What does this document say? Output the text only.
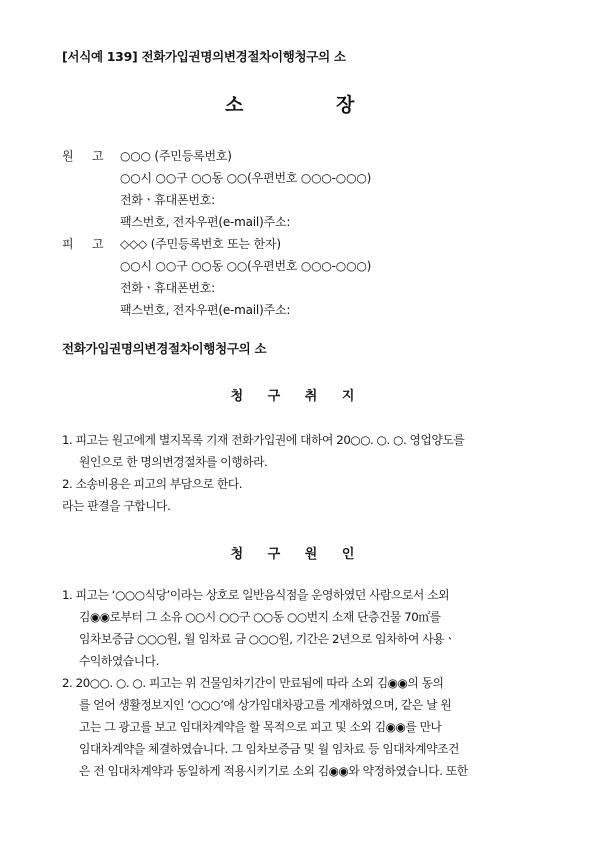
[서식예 139] 전화가입권명의변경절차이행청구의 소
소	장
원 고 ○○○ (주민등록번호)
○○시 ○○구 ○○동 ○○(우편번호 ○○○-○○○)
전화ㆍ휴대폰번호:
팩스번호, 전자우편(e-mail)주소:
피 고 ◇◇◇ (주민등록번호 또는 한자)
○○시 ○○구 ○○동 ○○(우편번호 ○○○-○○○)
전화ㆍ휴대폰번호:
팩스번호, 전자우편(e-mail)주소:
전화가입권명의변경절차이행청구의 소
청 구 취 지
1. 피고는 원고에게 별지목록 기재 전화가입권에 대하여 20○○. ○. ○. 영업양도를
원인으로 한 명의변경절차를 이행하라.
2. 소송비용은 피고의 부담으로 한다.
라는 판결을 구합니다.
청 구 원 인
1. 피고는 ‘○○○식당’이라는 상호로 일반음식점을 운영하였던 사람으로서 소외
김◉◉로부터 그 소유 ○○시 ○○구 ○○동 ○○번지 소재 단층건물 70㎡를
임차보증금 ○○○원, 월 임차료 금 ○○○원, 기간은 2년으로 임차하여 사용ㆍ
수익하였습니다.
2. 20○○. ○. ○. 피고는 위 건물임차기간이 만료됨에 따라 소외 김◉◉의 동의
를 얻어 생활정보지인 ‘○○○’에 상가임대차광고를 게재하였으며, 같은 날 원
고는 그 광고를 보고 임대차계약을 할 목적으로 피고 및 소외 김◉◉를 만나
임대차계약을 체결하였습니다. 그 임차보증금 및 월 임차료 등 임대차계약조건
은 전 임대차계약과 동일하게 적용시키기로 소외 김◉◉와 약정하였습니다. 또한
